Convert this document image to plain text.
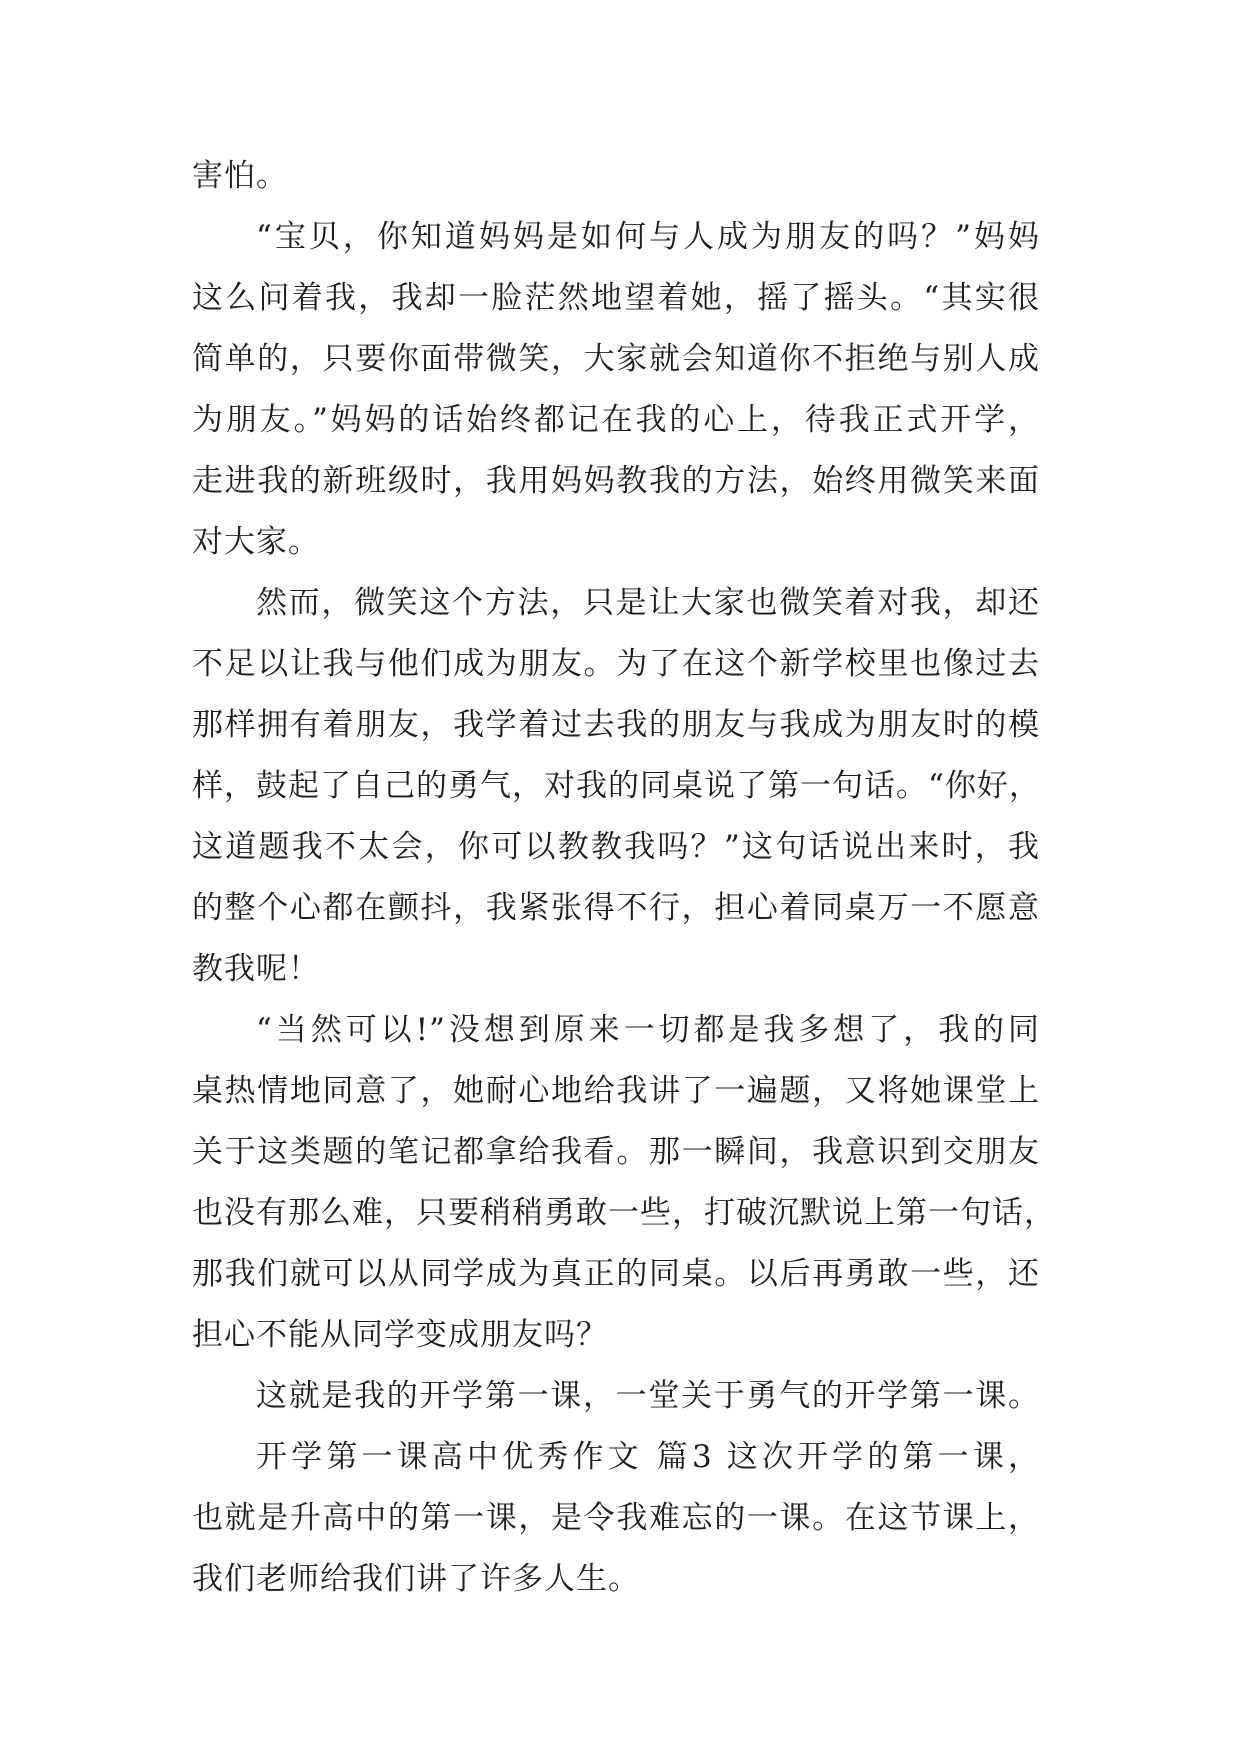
害怕。
“宝贝，你知道妈妈是如何与人成为朋友的吗？”妈妈
这么问着我，我却一脸茫然地望着她，摇了摇头。“其实很
简单的，只要你面带微笑，大家就会知道你不拒绝与别人成
为朋友。”妈妈的话始终都记在我的心上，待我正式开学，
走进我的新班级时，我用妈妈教我的方法，始终用微笑来面
对大家。
然而，微笑这个方法，只是让大家也微笑着对我，却还
不足以让我与他们成为朋友。为了在这个新学校里也像过去
那样拥有着朋友，我学着过去我的朋友与我成为朋友时的模
样，鼓起了自己的勇气，对我的同桌说了第一句话。“你好，
这道题我不太会，你可以教教我吗？”这句话说出来时，我
的整个心都在颤抖，我紧张得不行，担心着同桌万一不愿意
教我呢！
“当然可以!”没想到原来一切都是我多想了，我的同
桌热情地同意了，她耐心地给我讲了一遍题，又将她课堂上
关于这类题的笔记都拿给我看。那一瞬间，我意识到交朋友
也没有那么难，只要稍稍勇敢一些，打破沉默说上第一句话，
那我们就可以从同学成为真正的同桌。以后再勇敢一些，还
担心不能从同学变成朋友吗？
这就是我的开学第一课，一堂关于勇气的开学第一课。
开学第一课高中优秀作文 篇3 这次开学的第一课，
也就是升高中的第一课，是令我难忘的一课。在这节课上，
我们老师给我们讲了许多人生。
